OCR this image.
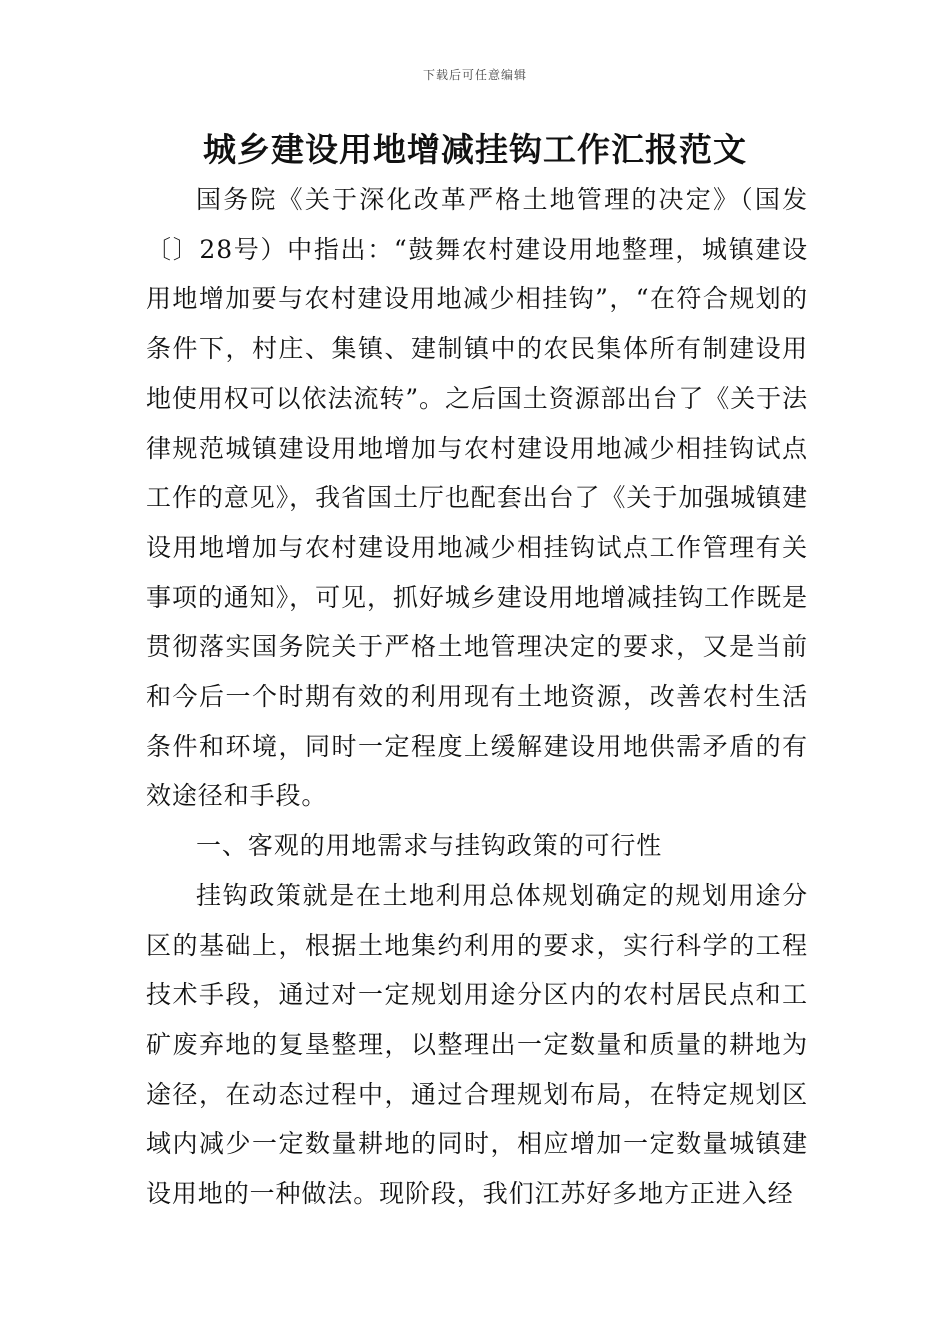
下载后可任意编辑
城乡建设用地增减挂钩工作汇报范文

国务院《关于深化改革严格土地管理的决定》（国发〔〕28号）中指出：“鼓舞农村建设用地整理，城镇建设用地增加要与农村建设用地减少相挂钩”，“在符合规划的条件下，村庄、集镇、建制镇中的农民集体所有制建设用地使用权可以依法流转”。之后国土资源部出台了《关于法律规范城镇建设用地增加与农村建设用地减少相挂钩试点工作的意见》，我省国土厅也配套出台了《关于加强城镇建设用地增加与农村建设用地减少相挂钩试点工作管理有关事项的通知》，可见，抓好城乡建设用地增减挂钩工作既是贯彻落实国务院关于严格土地管理决定的要求，又是当前和今后一个时期有效的利用现有土地资源，改善农村生活条件和环境，同时一定程度上缓解建设用地供需矛盾的有效途径和手段。

一、客观的用地需求与挂钩政策的可行性

挂钩政策就是在土地利用总体规划确定的规划用途分区的基础上，根据土地集约利用的要求，实行科学的工程技术手段，通过对一定规划用途分区内的农村居民点和工矿废弃地的复垦整理，以整理出一定数量和质量的耕地为途径，在动态过程中，通过合理规划布局，在特定规划区域内减少一定数量耕地的同时，相应增加一定数量城镇建设用地的一种做法。现阶段，我们江苏好多地方正进入经
